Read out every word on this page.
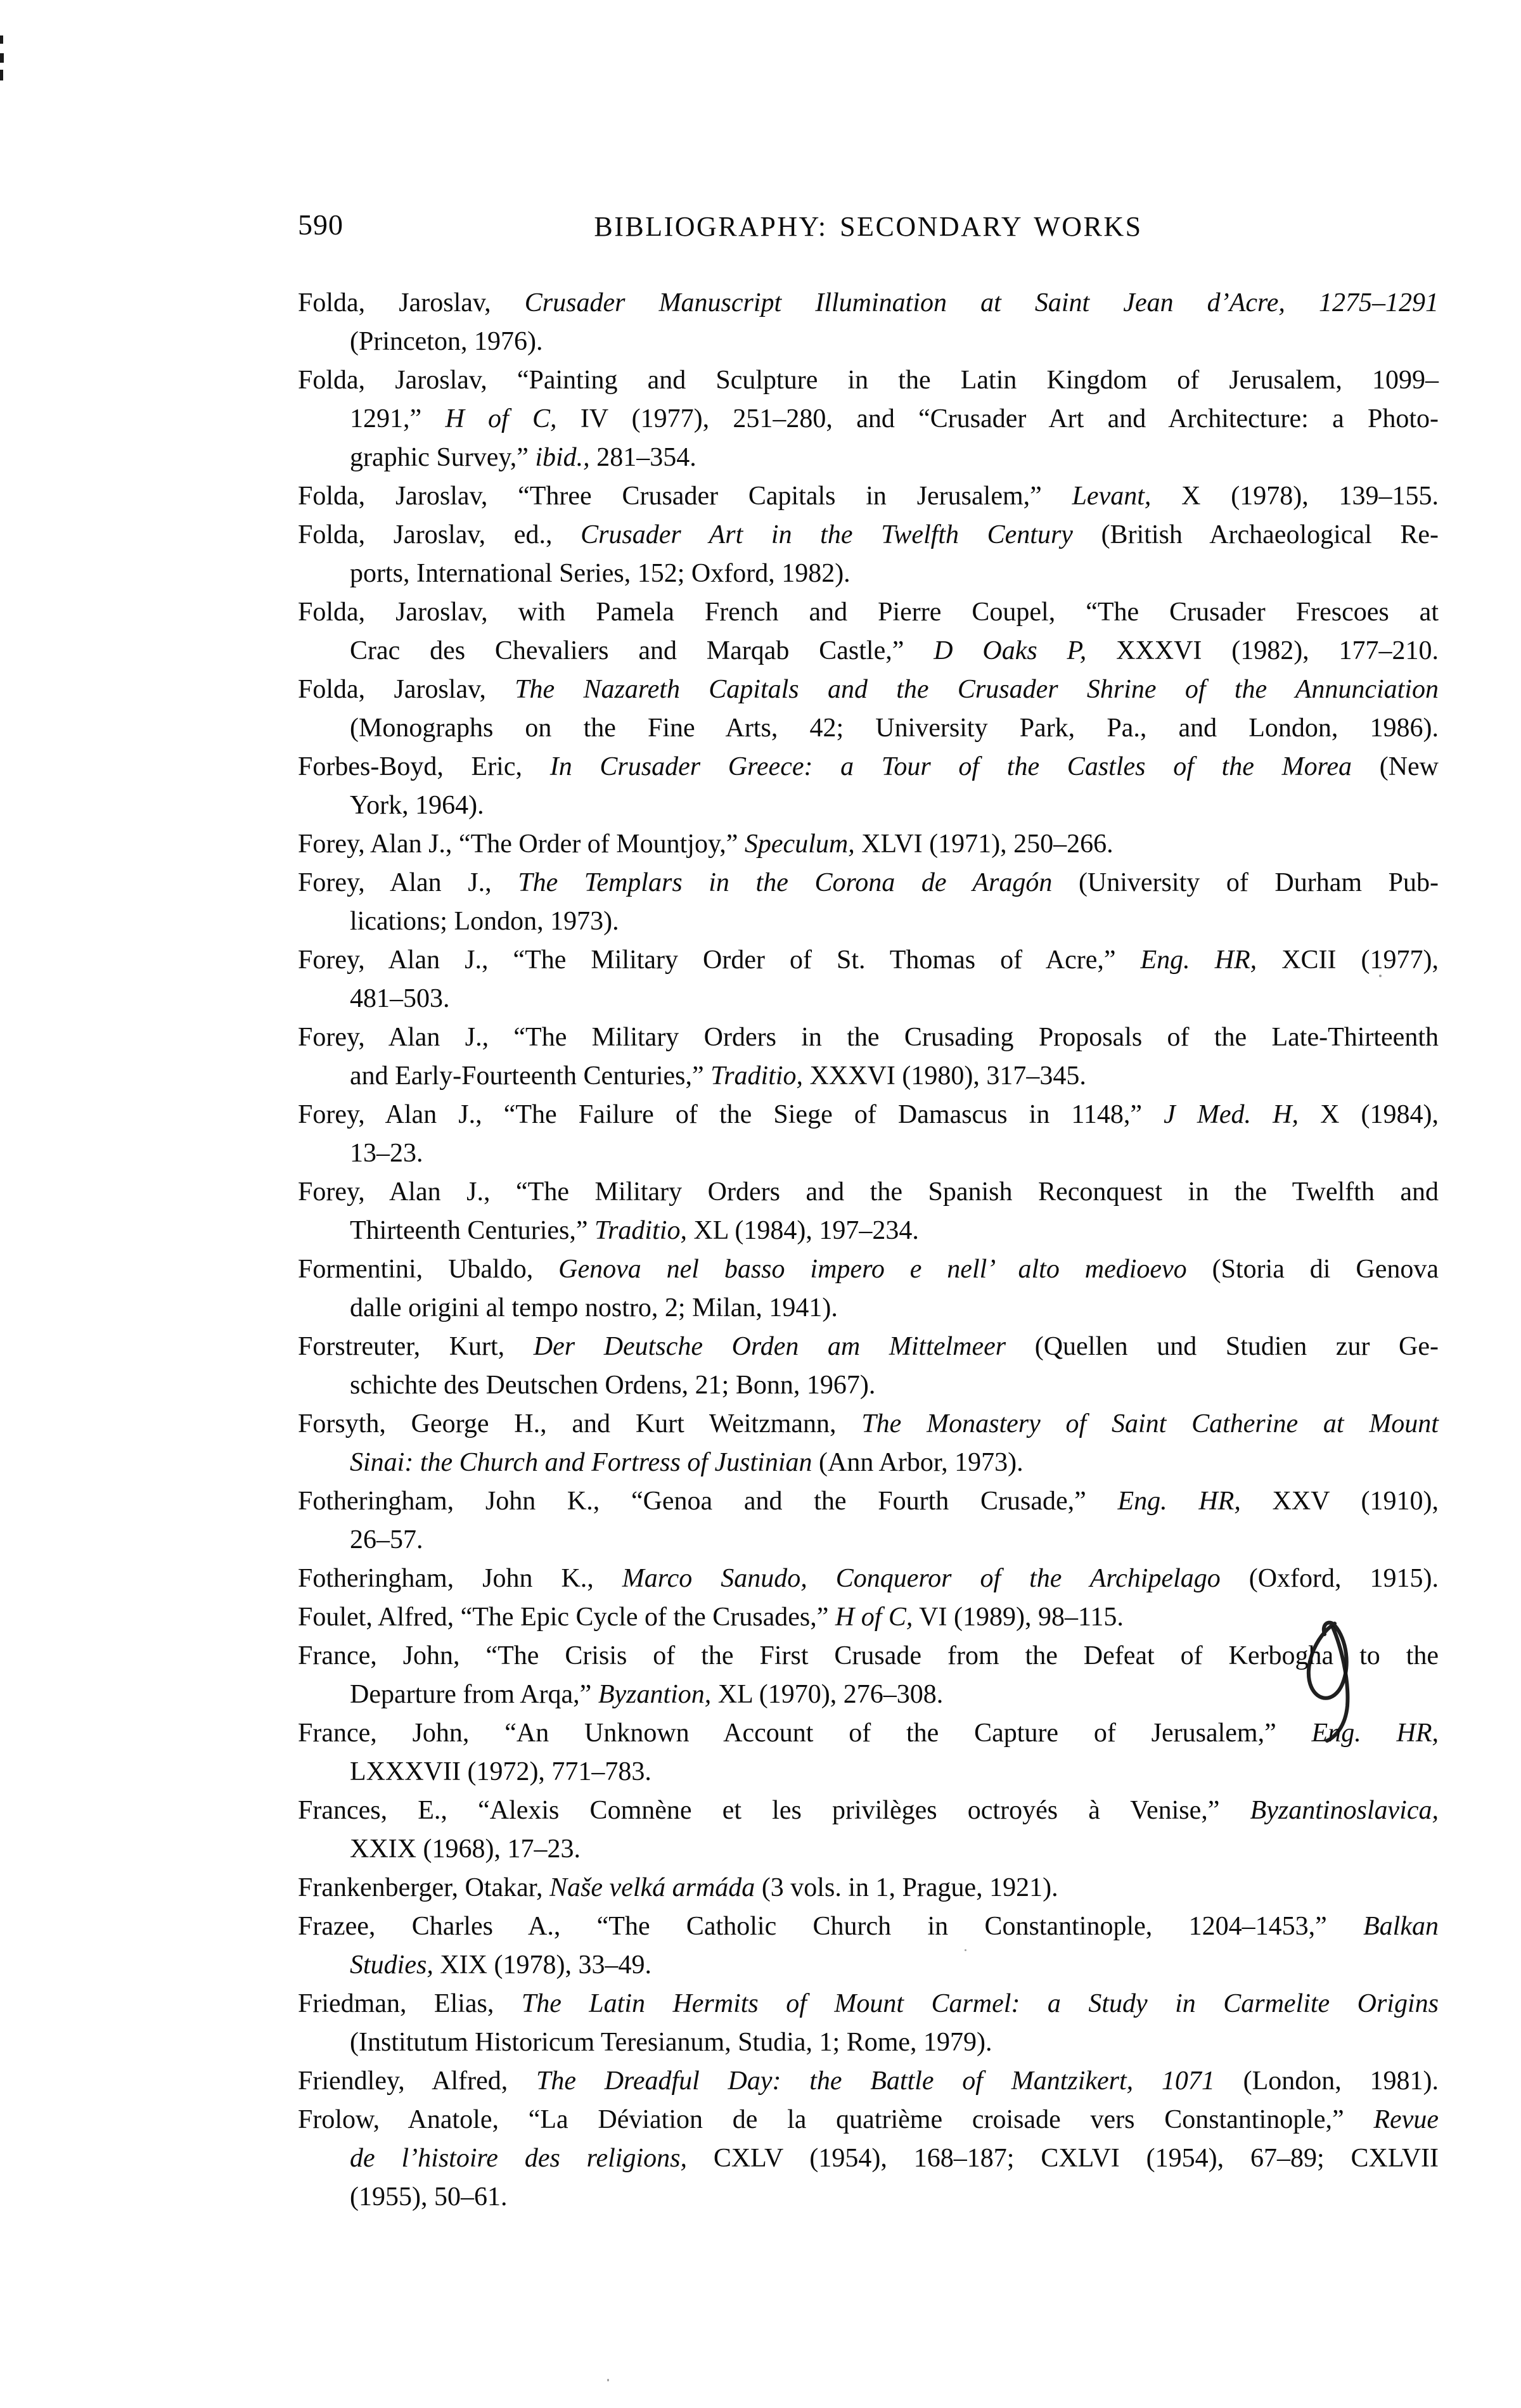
590	BIBLIOGRAPHY: SECONDARY WORKS
Folda, Jaroslav, Crusader Manuscript Illumination at Saint Jean d’Acre, 1275–1291
(Princeton, 1976).
Folda, Jaroslav, “Painting and Sculpture in the Latin Kingdom of Jerusalem, 1099–
1291,” H of C, IV (1977), 251–280, and “Crusader Art and Architecture: a Photo-
graphic Survey,” ibid., 281–354.
Folda, Jaroslav, “Three Crusader Capitals in Jerusalem,” Levant, X (1978), 139–155.
Folda, Jaroslav, ed., Crusader Art in the Twelfth Century (British Archaeological Re-
ports, International Series, 152; Oxford, 1982).
Folda, Jaroslav, with Pamela French and Pierre Coupel, “The Crusader Frescoes at
Crac des Chevaliers and Marqab Castle,” D Oaks P, XXXVI (1982), 177–210.
Folda, Jaroslav, The Nazareth Capitals and the Crusader Shrine of the Annunciation
(Monographs on the Fine Arts, 42; University Park, Pa., and London, 1986).
Forbes-Boyd, Eric, In Crusader Greece: a Tour of the Castles of the Morea (New
York, 1964).
Forey, Alan J., “The Order of Mountjoy,” Speculum, XLVI (1971), 250–266.
Forey, Alan J., The Templars in the Corona de Aragón (University of Durham Pub-
lications; London, 1973).
Forey, Alan J., “The Military Order of St. Thomas of Acre,” Eng. HR, XCII (1977),
481–503.
Forey, Alan J., “The Military Orders in the Crusading Proposals of the Late-Thirteenth
and Early-Fourteenth Centuries,” Traditio, XXXVI (1980), 317–345.
Forey, Alan J., “The Failure of the Siege of Damascus in 1148,” J Med. H, X (1984),
13–23.
Forey, Alan J., “The Military Orders and the Spanish Reconquest in the Twelfth and
Thirteenth Centuries,” Traditio, XL (1984), 197–234.
Formentini, Ubaldo, Genova nel basso impero e nell’ alto medioevo (Storia di Genova
dalle origini al tempo nostro, 2; Milan, 1941).
Forstreuter, Kurt, Der Deutsche Orden am Mittelmeer (Quellen und Studien zur Ge-
schichte des Deutschen Ordens, 21; Bonn, 1967).
Forsyth, George H., and Kurt Weitzmann, The Monastery of Saint Catherine at Mount
Sinai: the Church and Fortress of Justinian (Ann Arbor, 1973).
Fotheringham, John K., “Genoa and the Fourth Crusade,” Eng. HR, XXV (1910),
26–57.
Fotheringham, John K., Marco Sanudo, Conqueror of the Archipelago (Oxford, 1915).
Foulet, Alfred, “The Epic Cycle of the Crusades,” H of C, VI (1989), 98–115.
France, John, “The Crisis of the First Crusade from the Defeat of Kerbogha to the
Departure from Arqa,” Byzantion, XL (1970), 276–308.
France, John, “An Unknown Account of the Capture of Jerusalem,” Eng. HR,
LXXXVII (1972), 771–783.
Frances, E., “Alexis Comnène et les privilèges octroyés à Venise,” Byzantinoslavica,
XXIX (1968), 17–23.
Frankenberger, Otakar, Naše velká armáda (3 vols. in 1, Prague, 1921).
Frazee, Charles A., “The Catholic Church in Constantinople, 1204–1453,” Balkan
Studies, XIX (1978), 33–49.
Friedman, Elias, The Latin Hermits of Mount Carmel: a Study in Carmelite Origins
(Institutum Historicum Teresianum, Studia, 1; Rome, 1979).
Friendley, Alfred, The Dreadful Day: the Battle of Mantzikert, 1071 (London, 1981).
Frolow, Anatole, “La Déviation de la quatrième croisade vers Constantinople,” Revue
de l’histoire des religions, CXLV (1954), 168–187; CXLVI (1954), 67–89; CXLVII
(1955), 50–61.
